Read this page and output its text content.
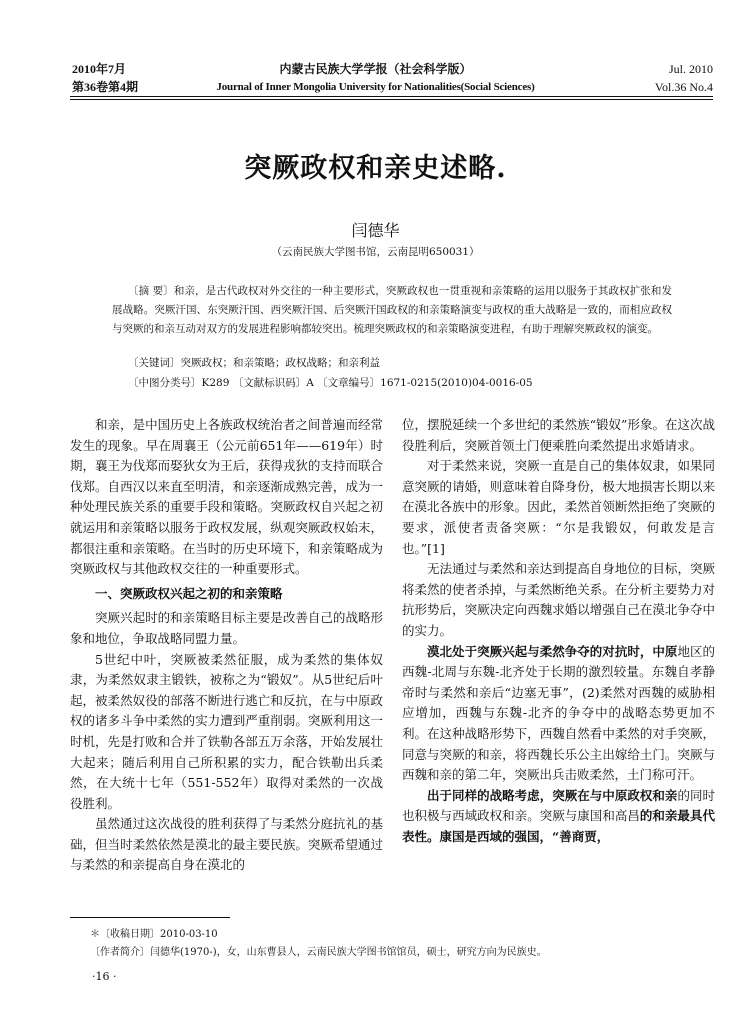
2010年7月
第36卷第4期
内蒙古民族大学学报（社会科学版）
Journal of Inner Mongolia University for Nationalities(Social Sciences)
Jul. 2010
Vol.36 No.4
突厥政权和亲史述略.
闫德华
（云南民族大学图书馆，云南昆明650031）
〔摘 要〕和亲，是古代政权对外交往的一种主要形式，突厥政权也一贯重视和亲策略的运用以服务于其政权扩张和发展战略。突厥汗国、东突厥汗国、西突厥汗国、后突厥汗国政权的和亲策略演变与政权的重大战略是一致的，而相应政权与突厥的和亲互动对双方的发展进程影响都较突出。梳理突厥政权的和亲策略演变进程，有助于理解突厥政权的演变。
〔关键词〕突厥政权；和亲策略；政权战略；和亲利益
〔中图分类号〕K289 〔文献标识码〕A 〔文章编号〕1671-0215(2010)04-0016-05

和亲，是中国历史上各族政权统治者之间普遍而经常发生的现象。早在周襄王（公元前651年——619年）时期，襄王为伐郑而娶狄女为王后，获得戎狄的支持而联合伐郑。自西汉以来直至明清，和亲逐渐成熟完善，成为一种处理民族关系的重要手段和策略。突厥政权自兴起之初就运用和亲策略以服务于政权发展，纵观突厥政权始末，都很注重和亲策略。在当时的历史环境下，和亲策略成为突厥政权与其他政权交往的一种重要形式。

一、突厥政权兴起之初的和亲策略

突厥兴起时的和亲策略目标主要是改善自己的战略形象和地位，争取战略同盟力量。

5世纪中叶，突厥被柔然征服，成为柔然的集体奴隶，为柔然奴隶主锻铁，被称之为“锻奴”。从5世纪后叶起，被柔然奴役的部落不断进行逃亡和反抗，在与中原政权的诸多斗争中柔然的实力遭到严重削弱。突厥利用这一时机，先是打败和合并了铁勒各部五万余落，开始发展壮大起来；随后利用自己所积累的实力，配合铁勒出兵柔然，在大统十七年（551-552年）取得对柔然的一次战役胜利。

虽然通过这次战役的胜利获得了与柔然分庭抗礼的基础，但当时柔然依然是漠北的最主要民族。突厥希望通过与柔然的和亲提高自身在漠北的

位，摆脱延续一个多世纪的柔然族“锻奴”形象。在这次战役胜利后，突厥首领土门便乘胜向柔然提出求婚请求。

对于柔然来说，突厥一直是自己的集体奴隶，如果同意突厥的请婚，则意味着自降身份，极大地损害长期以来在漠北各族中的形象。因此，柔然首领断然拒绝了突厥的要求，派使者责备突厥：“尔是我锻奴，何敢发是言也。”[1]

无法通过与柔然和亲达到提高自身地位的目标，突厥将柔然的使者杀掉，与柔然断绝关系。在分析主要势力对抗形势后，突厥决定向西魏求婚以增强自己在漠北争夺中的实力。

漠北处于突厥兴起与柔然争夺的对抗时，中原地区的西魏-北周与东魏-北齐处于长期的激烈较量。东魏自孝静帝时与柔然和亲后“边塞无事”，(2)柔然对西魏的威胁相应增加，西魏与东魏-北齐的争夺中的战略态势更加不利。在这种战略形势下，西魏自然看中柔然的对手突厥，同意与突厥的和亲，将西魏长乐公主出嫁给土门。突厥与西魏和亲的第二年，突厥出兵击败柔然，土门称可汗。

出于同样的战略考虑，突厥在与中原政权和亲的同时也积极与西域政权和亲。突厥与康国和高昌的和亲最具代表性。康国是西域的强国，“善商贾，

＊〔收稿日期〕2010-03-10
〔作者简介〕闫德华(1970-)，女，山东曹县人，云南民族大学图书馆馆员，硕士，研究方向为民族史。
·16 ·
